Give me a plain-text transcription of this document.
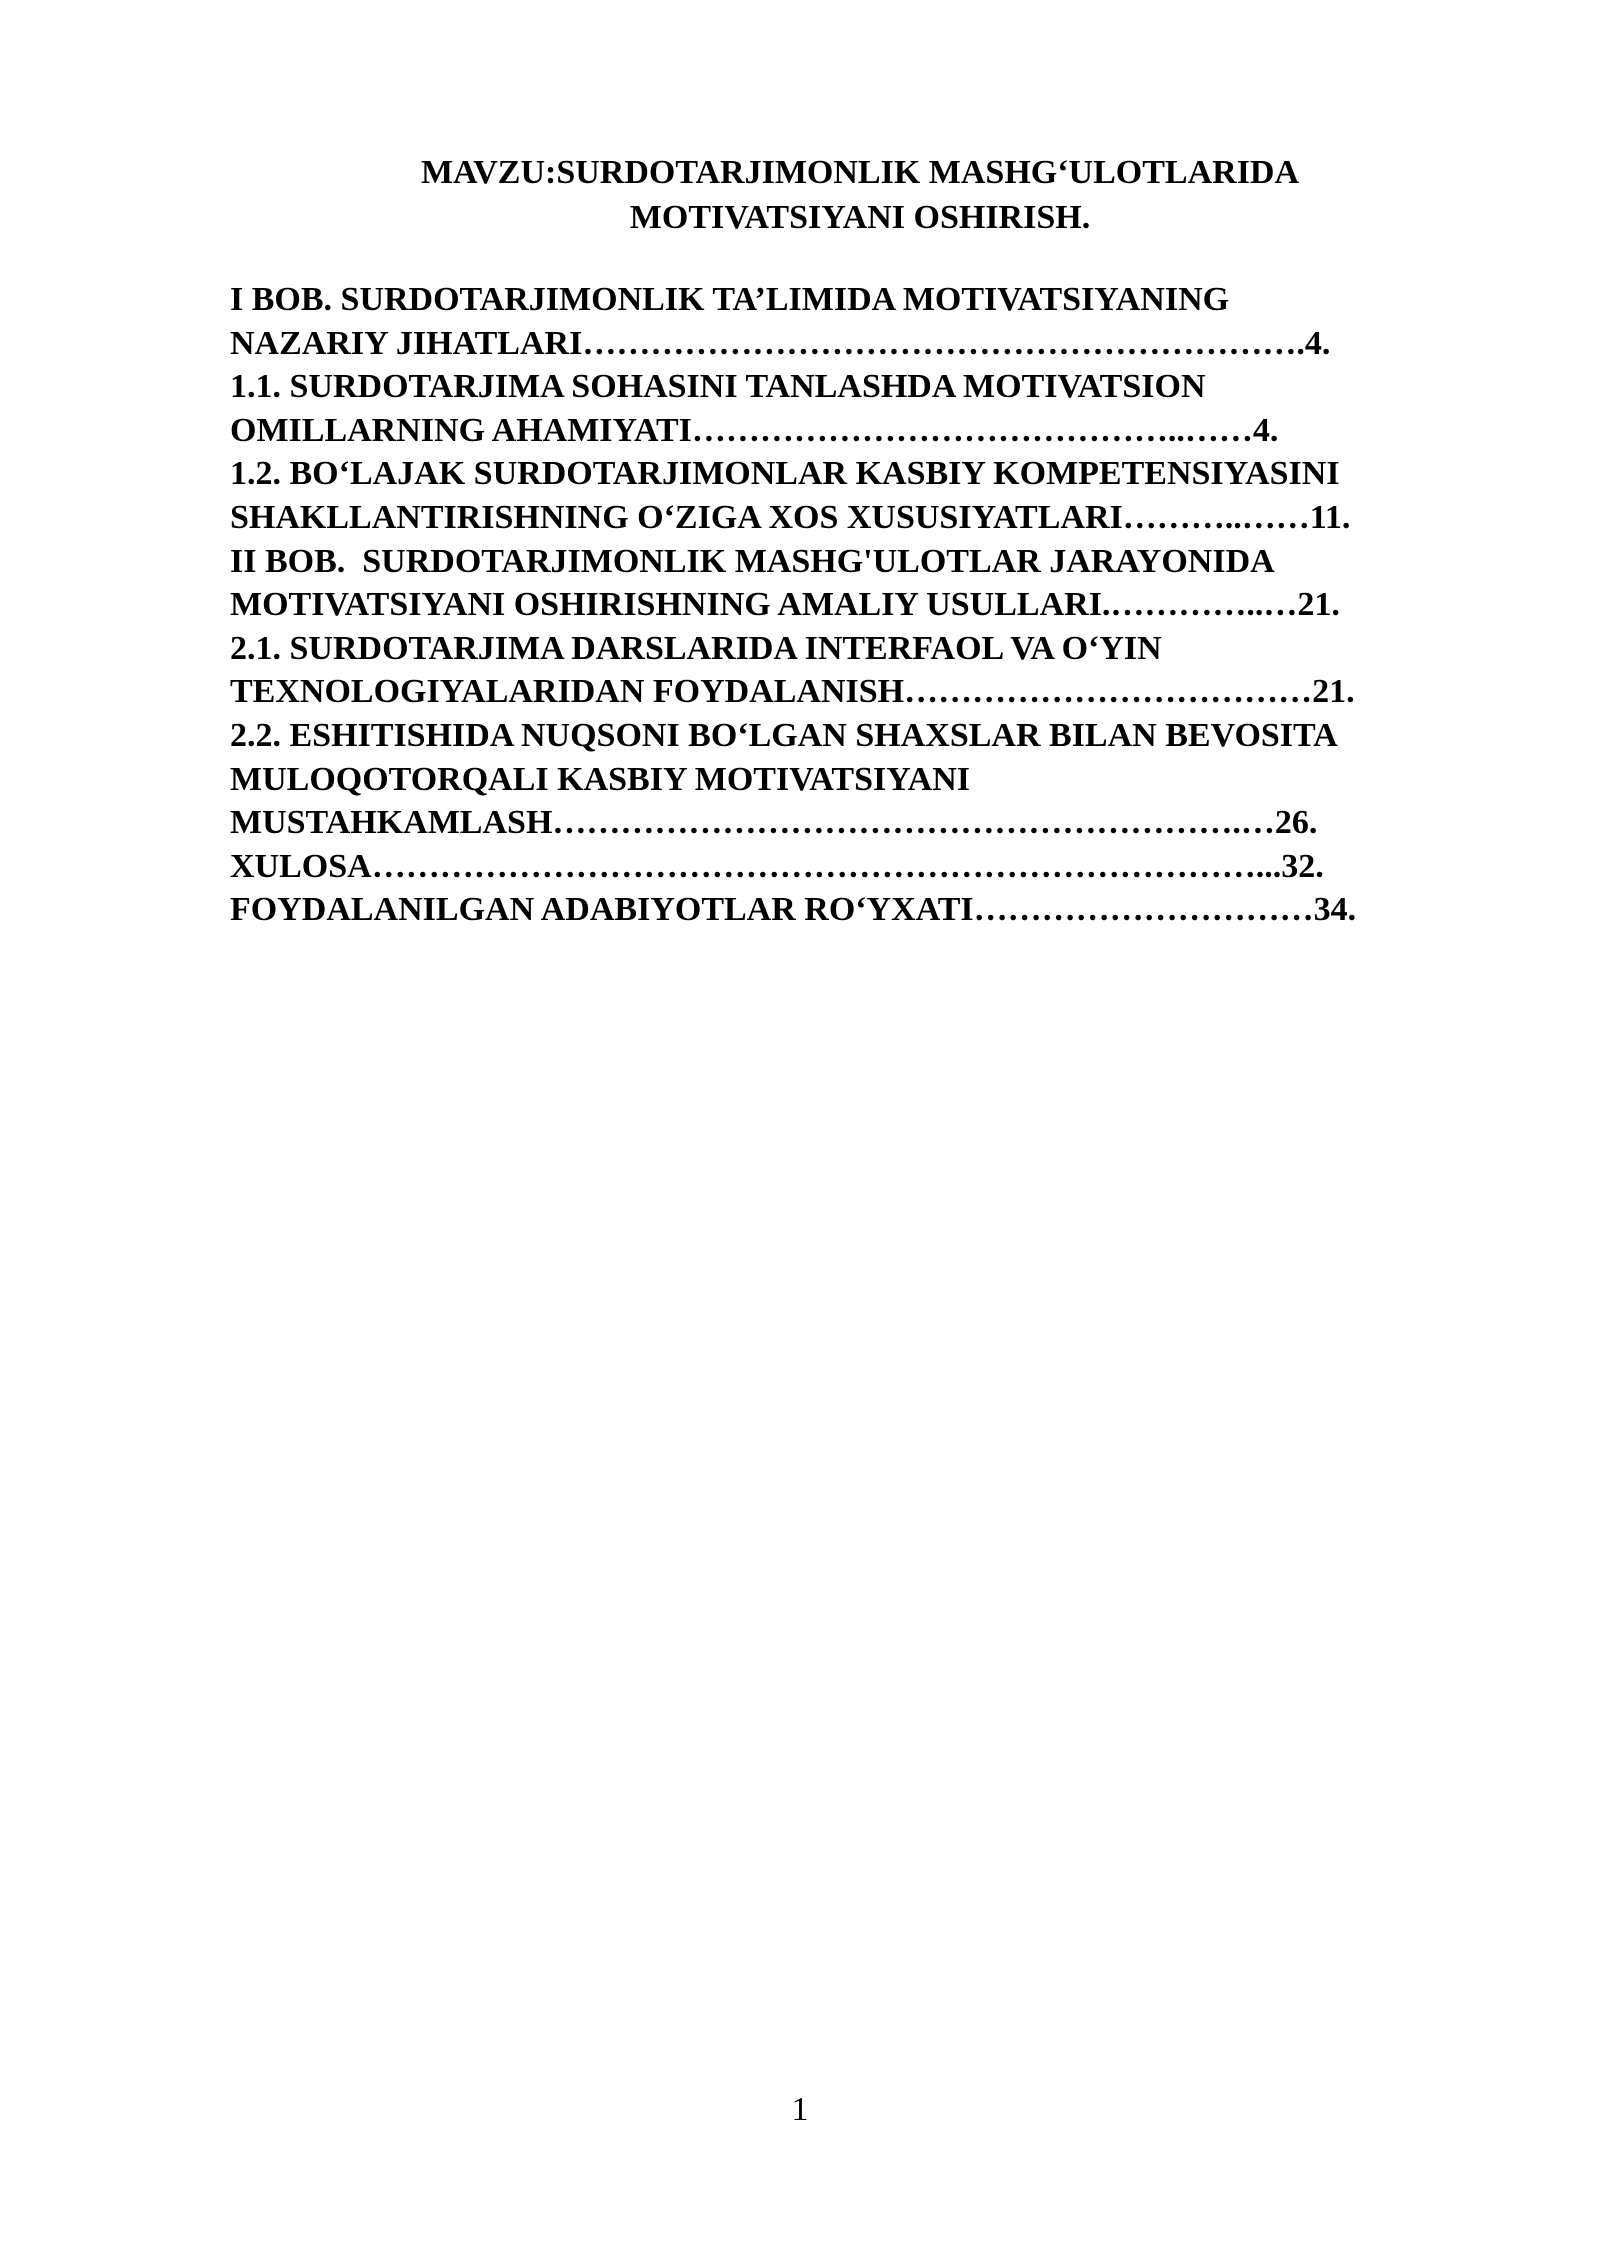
MAVZU:SURDOTARJIMONLIK MASHG‘ULOTLARIDA
MOTIVATSIYANI OSHIRISH.
I BOB. SURDOTARJIMONLIK TA’LIMIDA MOTIVATSIYANING
NAZARIY JIHATLARI……………………………………………………….4.
1.1. SURDOTARJIMA SOHASINI TANLASHDA MOTIVATSION
OMILLARNING AHAMIYATI……………………………………..……4.
1.2. BO‘LAJAK SURDOTARJIMONLAR KASBIY KOMPETENSIYASINI
SHAKLLANTIRISHNING O‘ZIGA XOS XUSUSIYATLARI………..……11.
II BOB.  SURDOTARJIMONLIK MASHG'ULOTLAR JARAYONIDA
MOTIVATSIYANI OSHIRISHNING AMALIY USULLARI.…………..…21.
2.1. SURDOTARJIMA DARSLARIDA INTERFAOL VA O‘YIN
TEXNOLOGIYALARIDAN FOYDALANISH………………………………21.
2.2. ESHITISHIDA NUQSONI BO‘LGAN SHAXSLAR BILAN BEVOSITA
MULOQOTORQALI KASBIY MOTIVATSIYANI
MUSTAHKAMLASH…………………………………………………….…26.
XULOSA……………………………………………………………………...32.
FOYDALANILGAN ADABIYOTLAR RO‘YXATI…………………………34.
1
